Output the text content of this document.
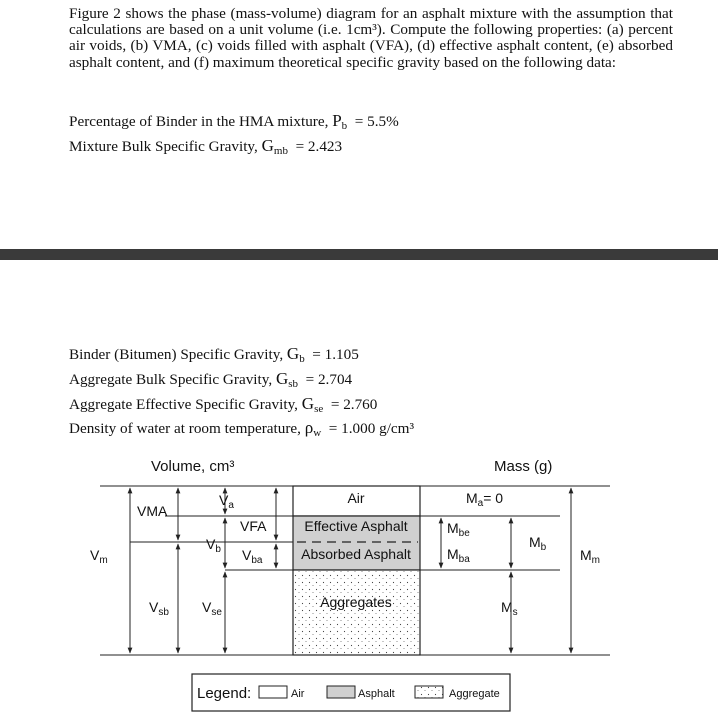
Figure 2 shows the phase (mass-volume) diagram for an asphalt mixture with the assumption that calculations are based on a unit volume (i.e. 1cm³). Compute the following properties: (a) percent air voids, (b) VMA, (c) voids filled with asphalt (VFA), (d) effective asphalt content, (e) absorbed asphalt content, and (f) maximum theoretical specific gravity based on the following data:
Percentage of Binder in the HMA mixture, $P_b = 5.5\%$
Mixture Bulk Specific Gravity, $G_{mb} = 2.423$
Binder (Bitumen) Specific Gravity, $G_b = 1.105$
Aggregate Bulk Specific Gravity, $G_{sb} = 2.704$
Aggregate Effective Specific Gravity, $G_{se} = 2.760$
Density of water at room temperature, $\rho_w = 1.000$ g/cm³
Volume, cm³	Mass (g)
Air
Effective Asphalt
Absorbed Asphalt
Aggregates
$V_m$
VMA
$V_a$
VFA
$V_b$ $V_{ba}$
$V_{sb}$ $V_{se}$
$M_a= 0$
$M_{be}$
$M_{ba}$
$M_b$
$M_s$
$M_m$
Legend:	Air	Asphalt	Aggregate
